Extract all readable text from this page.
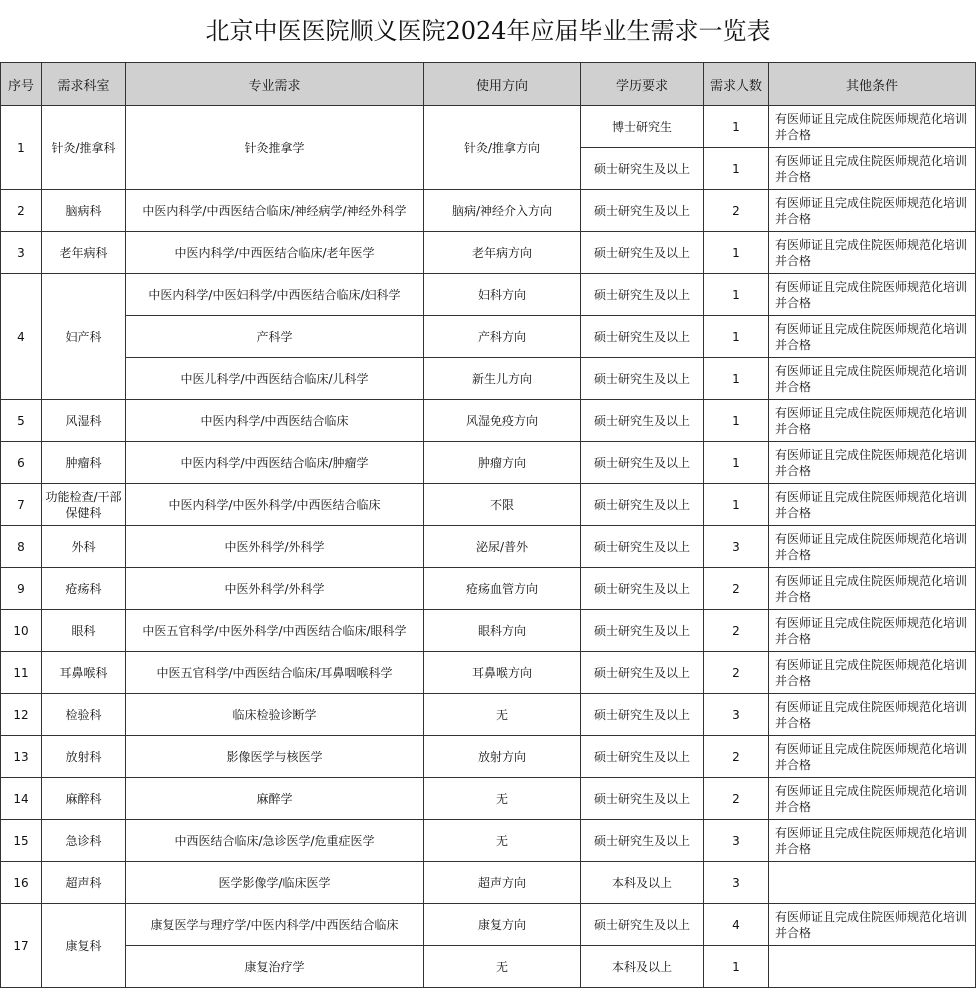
北京中医医院顺义医院2024年应届毕业生需求一览表
序号	需求科室	专业需求	使用方向	学历要求	需求人数	其他条件
1	针灸/推拿科	针灸推拿学	针灸/推拿方向	博士研究生	1	有医师证且完成住院医师规范化培训并合格
				硕士研究生及以上	1	有医师证且完成住院医师规范化培训并合格
2	脑病科	中医内科学/中西医结合临床/神经病学/神经外科学	脑病/神经介入方向	硕士研究生及以上	2	有医师证且完成住院医师规范化培训并合格
3	老年病科	中医内科学/中西医结合临床/老年医学	老年病方向	硕士研究生及以上	1	有医师证且完成住院医师规范化培训并合格
4	妇产科	中医内科学/中医妇科学/中西医结合临床/妇科学	妇科方向	硕士研究生及以上	1	有医师证且完成住院医师规范化培训并合格
		产科学	产科方向	硕士研究生及以上	1	有医师证且完成住院医师规范化培训并合格
		中医儿科学/中西医结合临床/儿科学	新生儿方向	硕士研究生及以上	1	有医师证且完成住院医师规范化培训并合格
5	风湿科	中医内科学/中西医结合临床	风湿免疫方向	硕士研究生及以上	1	有医师证且完成住院医师规范化培训并合格
6	肿瘤科	中医内科学/中西医结合临床/肿瘤学	肿瘤方向	硕士研究生及以上	1	有医师证且完成住院医师规范化培训并合格
7	功能检查/干部保健科	中医内科学/中医外科学/中西医结合临床	不限	硕士研究生及以上	1	有医师证且完成住院医师规范化培训并合格
8	外科	中医外科学/外科学	泌尿/普外	硕士研究生及以上	3	有医师证且完成住院医师规范化培训并合格
9	疮疡科	中医外科学/外科学	疮疡血管方向	硕士研究生及以上	2	有医师证且完成住院医师规范化培训并合格
10	眼科	中医五官科学/中医外科学/中西医结合临床/眼科学	眼科方向	硕士研究生及以上	2	有医师证且完成住院医师规范化培训并合格
11	耳鼻喉科	中医五官科学/中西医结合临床/耳鼻咽喉科学	耳鼻喉方向	硕士研究生及以上	2	有医师证且完成住院医师规范化培训并合格
12	检验科	临床检验诊断学	无	硕士研究生及以上	3	有医师证且完成住院医师规范化培训并合格
13	放射科	影像医学与核医学	放射方向	硕士研究生及以上	2	有医师证且完成住院医师规范化培训并合格
14	麻醉科	麻醉学	无	硕士研究生及以上	2	有医师证且完成住院医师规范化培训并合格
15	急诊科	中西医结合临床/急诊医学/危重症医学	无	硕士研究生及以上	3	有医师证且完成住院医师规范化培训并合格
16	超声科	医学影像学/临床医学	超声方向	本科及以上	3	
17	康复科	康复医学与理疗学/中医内科学/中西医结合临床	康复方向	硕士研究生及以上	4	有医师证且完成住院医师规范化培训并合格
		康复治疗学	无	本科及以上	1	
